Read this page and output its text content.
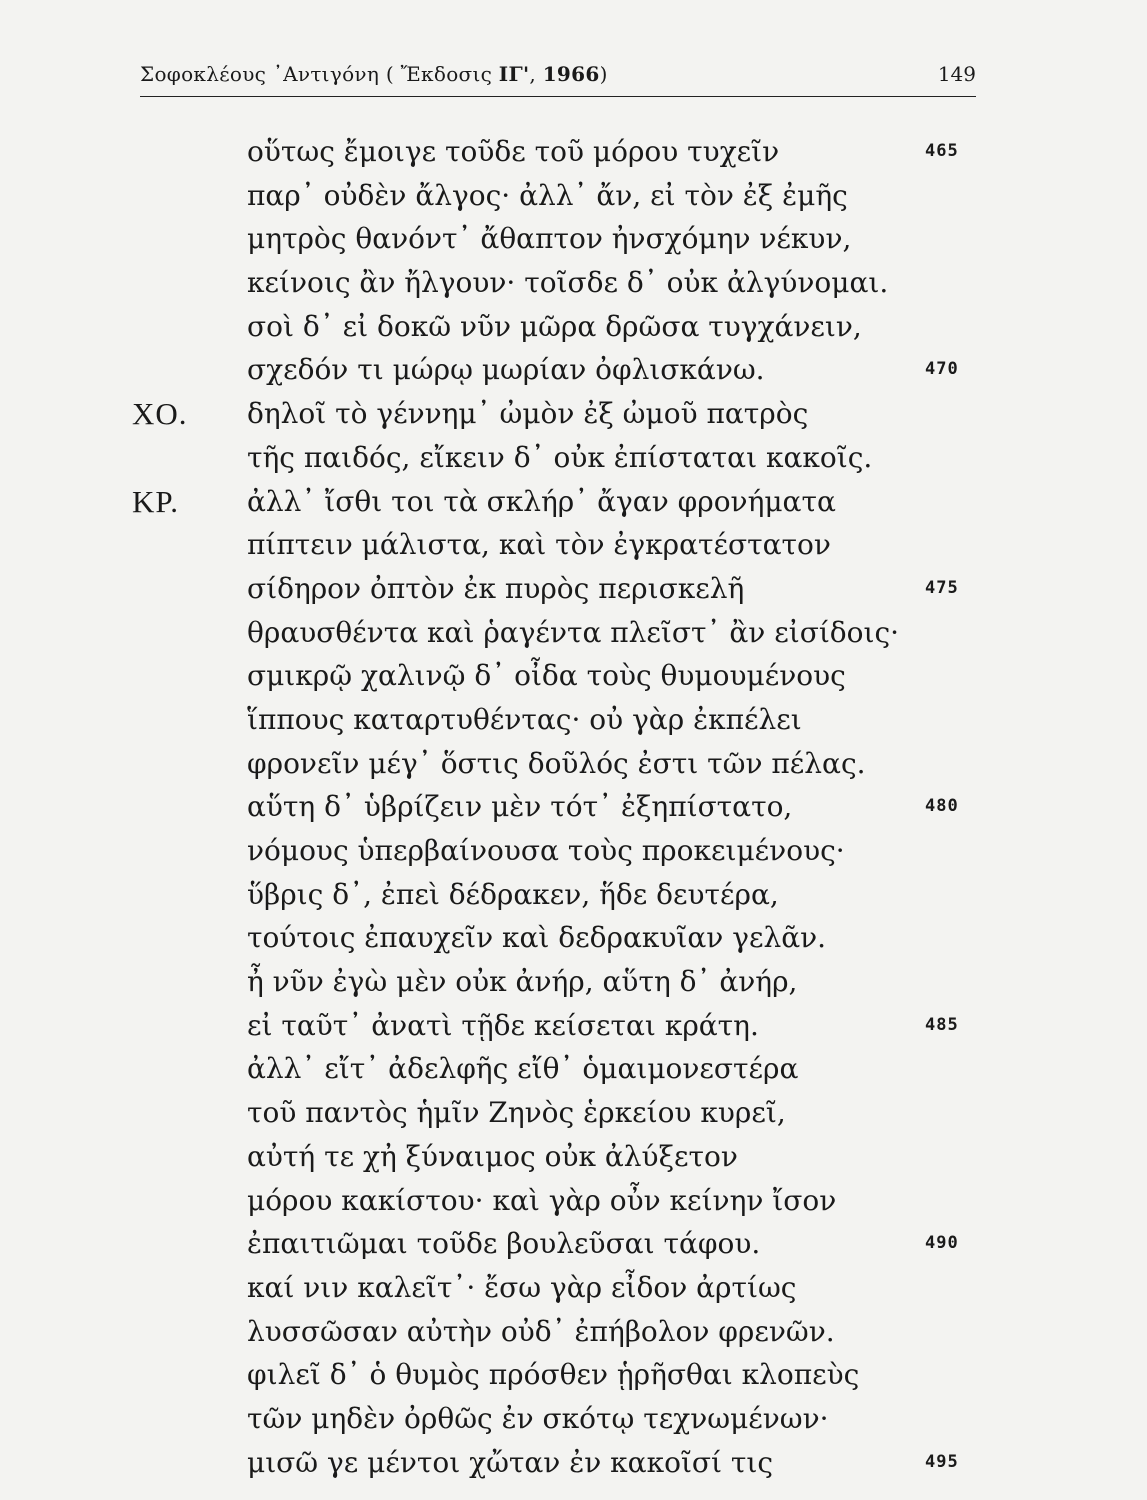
Σοφοκλέους ᾿Αντιγόνη ( Ἔκδοσις ΙΓ', 1966)	149
οὕτως ἔμοιγε τοῦδε τοῦ μόρου τυχεῖν	465
παρ᾿ οὐδὲν ἄλγος· ἀλλ᾿ ἄν, εἰ τὸν ἐξ ἐμῆς
μητρὸς θανόντ᾿ ἄθαπτον ἠνσχόμην νέκυν,
κείνοις ἂν ἤλγουν· τοῖσδε δ᾿ οὐκ ἀλγύνομαι.
σοὶ δ᾿ εἰ δοκῶ νῦν μῶρα δρῶσα τυγχάνειν,
σχεδόν τι μώρῳ μωρίαν ὀφλισκάνω.	470
ΧΟ. δηλοῖ τὸ γέννημ᾿ ὠμὸν ἐξ ὠμοῦ πατρὸς
τῆς παιδός, εἴκειν δ᾿ οὐκ ἐπίσταται κακοῖς.
ΚΡ. ἀλλ᾿ ἴσθι τοι τὰ σκλήρ᾿ ἄγαν φρονήματα
πίπτειν μάλιστα, καὶ τὸν ἐγκρατέστατον
σίδηρον ὀπτὸν ἐκ πυρὸς περισκελῆ	475
θραυσθέντα καὶ ῥαγέντα πλεῖστ᾿ ἂν εἰσίδοις·
σμικρῷ χαλινῷ δ᾿ οἶδα τοὺς θυμουμένους
ἵππους καταρτυθέντας· οὐ γὰρ ἐκπέλει
φρονεῖν μέγ᾿ ὅστις δοῦλός ἐστι τῶν πέλας.
αὕτη δ᾿ ὑβρίζειν μὲν τότ᾿ ἐξηπίστατο,	480
νόμους ὑπερβαίνουσα τοὺς προκειμένους·
ὕβρις δ᾿, ἐπεὶ δέδρακεν, ἥδε δευτέρα,
τούτοις ἐπαυχεῖν καὶ δεδρακυῖαν γελᾶν.
ἦ νῦν ἐγὼ μὲν οὐκ ἀνήρ, αὕτη δ᾿ ἀνήρ,
εἰ ταῦτ᾿ ἀνατὶ τῇδε κείσεται κράτη.	485
ἀλλ᾿ εἴτ᾿ ἀδελφῆς εἴθ᾿ ὁμαιμονεστέρα
τοῦ παντὸς ἡμῖν Ζηνὸς ἑρκείου κυρεῖ,
αὐτή τε χἠ ξύναιμος οὐκ ἀλύξετον
μόρου κακίστου· καὶ γὰρ οὖν κείνην ἴσον
ἐπαιτιῶμαι τοῦδε βουλεῦσαι τάφου.	490
καί νιν καλεῖτ᾿· ἔσω γὰρ εἶδον ἀρτίως
λυσσῶσαν αὐτὴν οὐδ᾿ ἐπήβολον φρενῶν.
φιλεῖ δ᾿ ὁ θυμὸς πρόσθεν ᾑρῆσθαι κλοπεὺς
τῶν μηδὲν ὀρθῶς ἐν σκότῳ τεχνωμένων·
μισῶ γε μέντοι χὤταν ἐν κακοῖσί τις	495
